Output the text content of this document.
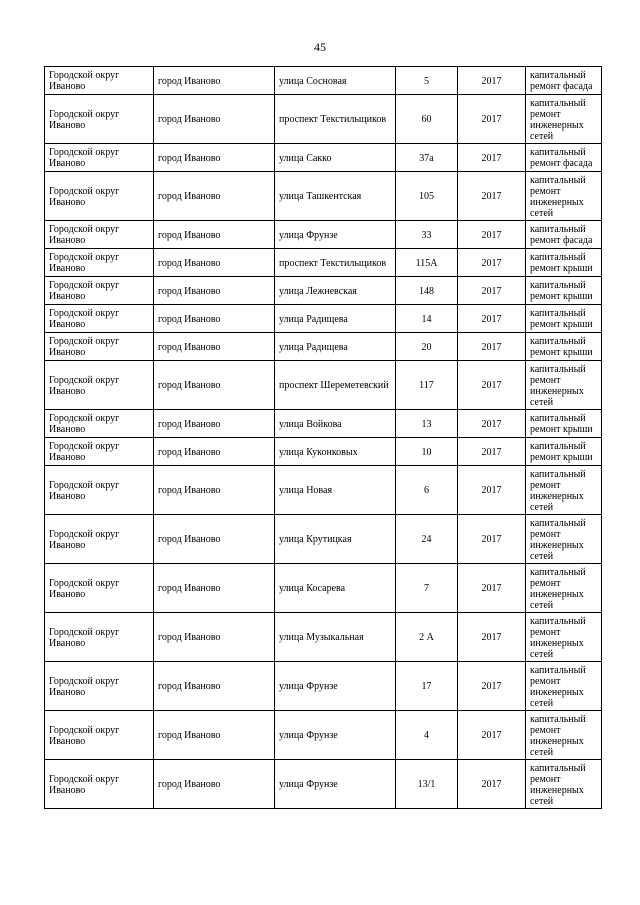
45
Городской округ Иваново	город Иваново	улица Сосновая	5	2017	капитальный ремонт фасада
Городской округ Иваново	город Иваново	проспект Текстильщиков	60	2017	капитальный ремонт инженерных сетей
Городской округ Иваново	город Иваново	улица Сакко	37а	2017	капитальный ремонт фасада
Городской округ Иваново	город Иваново	улица Ташкентская	105	2017	капитальный ремонт инженерных сетей
Городской округ Иваново	город Иваново	улица Фрунзе	33	2017	капитальный ремонт фасада
Городской округ Иваново	город Иваново	проспект Текстильщиков	115А	2017	капитальный ремонт крыши
Городской округ Иваново	город Иваново	улица Лежневская	148	2017	капитальный ремонт крыши
Городской округ Иваново	город Иваново	улица Радищева	14	2017	капитальный ремонт крыши
Городской округ Иваново	город Иваново	улица Радищева	20	2017	капитальный ремонт крыши
Городской округ Иваново	город Иваново	проспект Шереметевский	117	2017	капитальный ремонт инженерных сетей
Городской округ Иваново	город Иваново	улица Войкова	13	2017	капитальный ремонт крыши
Городской округ Иваново	город Иваново	улица Куконковых	10	2017	капитальный ремонт крыши
Городской округ Иваново	город Иваново	улица Новая	6	2017	капитальный ремонт инженерных сетей
Городской округ Иваново	город Иваново	улица Крутицкая	24	2017	капитальный ремонт инженерных сетей
Городской округ Иваново	город Иваново	улица Косарева	7	2017	капитальный ремонт инженерных сетей
Городской округ Иваново	город Иваново	улица Музыкальная	2 А	2017	капитальный ремонт инженерных сетей
Городской округ Иваново	город Иваново	улица Фрунзе	17	2017	капитальный ремонт инженерных сетей
Городской округ Иваново	город Иваново	улица Фрунзе	4	2017	капитальный ремонт инженерных сетей
Городской округ Иваново	город Иваново	улица Фрунзе	13/1	2017	капитальный ремонт инженерных сетей
